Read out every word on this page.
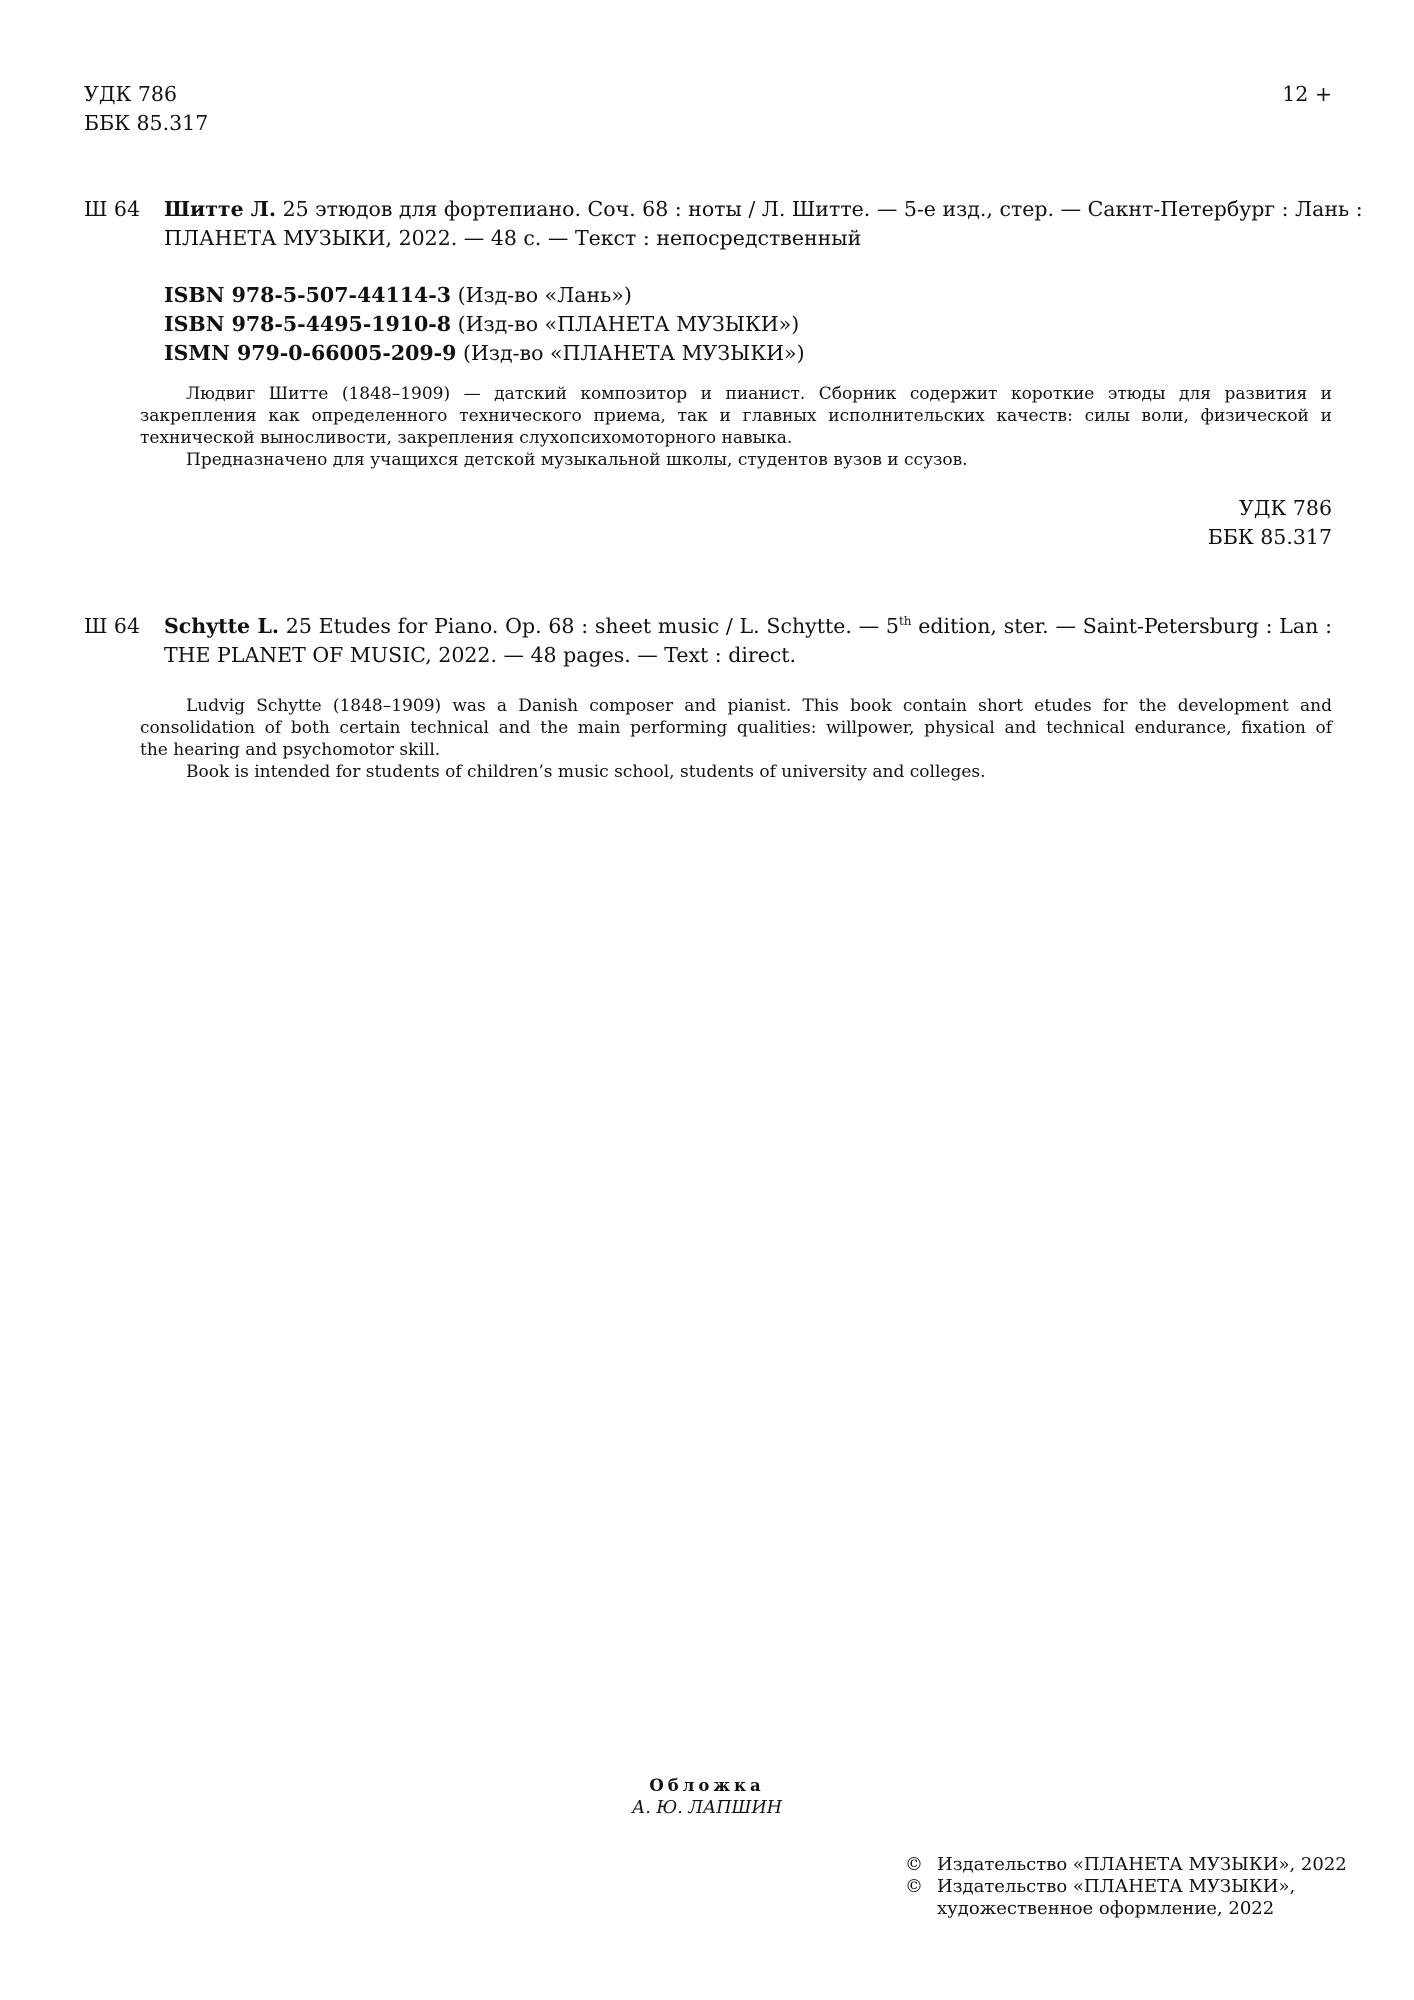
УДК 786
ББК 85.317
12 +
Ш 64 Шитте Л. 25 этюдов для фортепиано. Соч. 68 : ноты / Л. Шитте. — 5-е изд., стер. — Сакнт-Петербург : Лань :
ПЛАНЕТА МУЗЫКИ, 2022. — 48 с. — Текст : непосредственный
ISBN 978-5-507-44114-3 (Изд-во «Лань»)
ISBN 978-5-4495-1910-8 (Изд-во «ПЛАНЕТА МУЗЫКИ»)
ISMN 979-0-66005-209-9 (Изд-во «ПЛАНЕТА МУЗЫКИ»)
Людвиг Шитте (1848–1909) — датский композитор и пианист. Сборник содержит короткие этюды для развития и
закрепления как определенного технического приема, так и главных исполнительских качеств: силы воли, физической и
технической выносливости, закрепления слухопсихомоторного навыка.
Предназначено для учащихся детской музыкальной школы, студентов вузов и ссузов.
УДК 786
ББК 85.317
Ш 64 Schytte L. 25 Etudes for Piano. Op. 68 : sheet music / L. Schytte. — 5th edition, ster. — Saint-Petersburg : Lan :
THE PLANET OF MUSIC, 2022. — 48 pages. — Text : direct.
Ludvig Schytte (1848–1909) was a Danish composer and pianist. This book contain short etudes for the development and
consolidation of both certain technical and the main performing qualities: willpower, physical and technical endurance, fixation of
the hearing and psychomotor skill.
Book is intended for students of children’s music school, students of university and colleges.
Обложка
А. Ю. ЛАПШИН
© Издательство «ПЛАНЕТА МУЗЫКИ», 2022
© Издательство «ПЛАНЕТА МУЗЫКИ»,
художественное оформление, 2022
